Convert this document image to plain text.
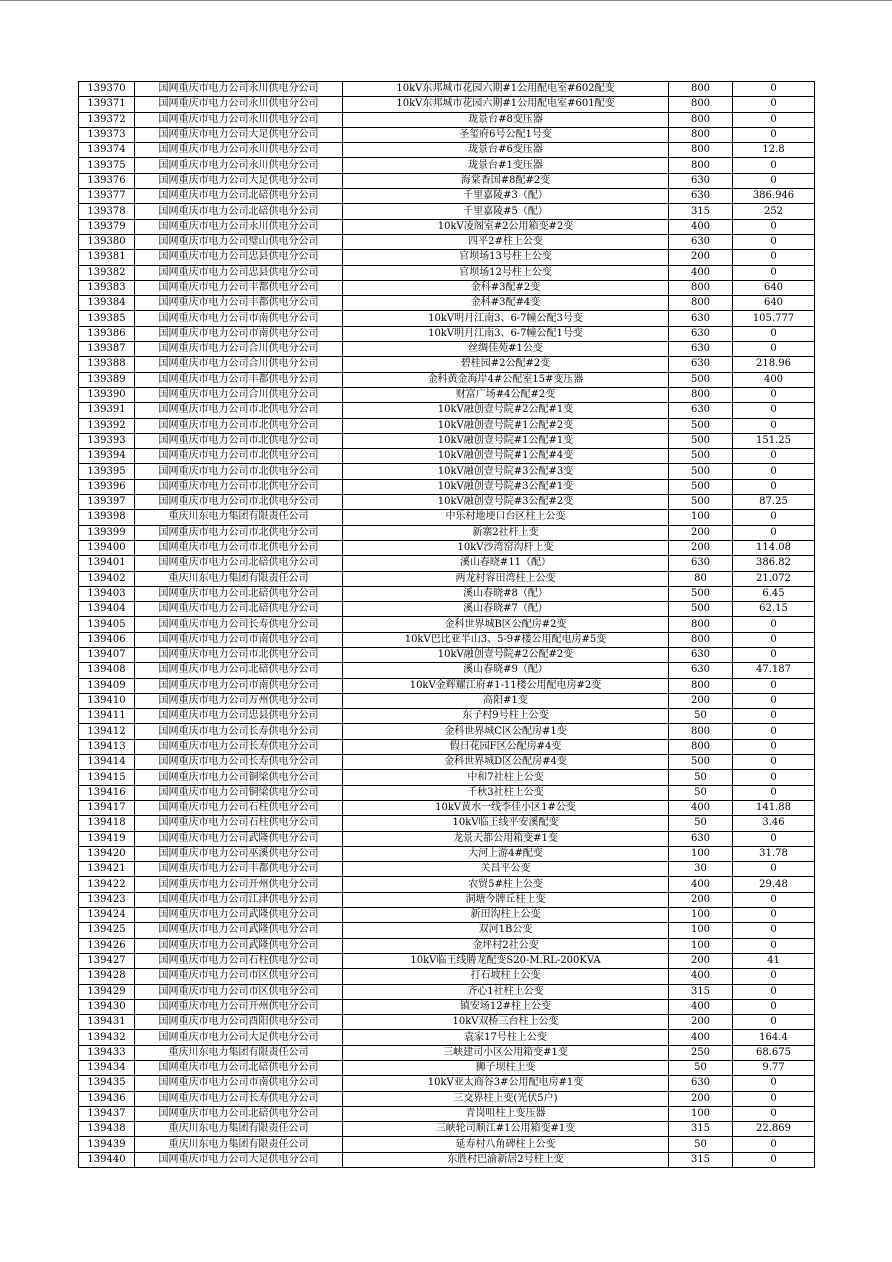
139370	国网重庆市电力公司永川供电分公司	10kV东邦城市花园六期#1公用配电室#602配变	800	0
139371	国网重庆市电力公司永川供电分公司	10kV东邦城市花园六期#1公用配电室#601配变	800	0
139372	国网重庆市电力公司永川供电分公司	珑景台#8变压器	800	0
139373	国网重庆市电力公司大足供电分公司	圣玺府6号公配1号变	800	0
139374	国网重庆市电力公司永川供电分公司	珑景台#6变压器	800	12.8
139375	国网重庆市电力公司永川供电分公司	珑景台#1变压器	800	0
139376	国网重庆市电力公司大足供电分公司	海棠香国#8配#2变	630	0
139377	国网重庆市电力公司北碚供电分公司	千里嘉陵#3（配）	630	386.946
139378	国网重庆市电力公司北碚供电分公司	千里嘉陵#5（配）	315	252
139379	国网重庆市电力公司永川供电分公司	10kV凌阁室#2公用箱变#2变	400	0
139380	国网重庆市电力公司璧山供电分公司	四平2#柱上公变	630	0
139381	国网重庆市电力公司忠县供电分公司	官坝场13号柱上公变	200	0
139382	国网重庆市电力公司忠县供电分公司	官坝场12号柱上公变	400	0
139383	国网重庆市电力公司丰都供电分公司	金科#3配#2变	800	640
139384	国网重庆市电力公司丰都供电分公司	金科#3配#4变	800	640
139385	国网重庆市电力公司市南供电分公司	10kV明月江南3、6-7幢公配3号变	630	105.777
139386	国网重庆市电力公司市南供电分公司	10kV明月江南3、6-7幢公配1号变	630	0
139387	国网重庆市电力公司合川供电分公司	丝绸佳苑#1公变	630	0
139388	国网重庆市电力公司合川供电分公司	碧桂园#2公配#2变	630	218.96
139389	国网重庆市电力公司丰都供电分公司	金科黄金海岸4#公配室15#变压器	500	400
139390	国网重庆市电力公司合川供电分公司	财富广场#4公配#2变	800	0
139391	国网重庆市电力公司市北供电分公司	10kV融创壹号院#2公配#1变	630	0
139392	国网重庆市电力公司市北供电分公司	10kV融创壹号院#1公配#2变	500	0
139393	国网重庆市电力公司市北供电分公司	10kV融创壹号院#1公配#1变	500	151.25
139394	国网重庆市电力公司市北供电分公司	10kV融创壹号院#1公配#4变	500	0
139395	国网重庆市电力公司市北供电分公司	10kV融创壹号院#3公配#3变	500	0
139396	国网重庆市电力公司市北供电分公司	10kV融创壹号院#3公配#1变	500	0
139397	国网重庆市电力公司市北供电分公司	10kV融创壹号院#3公配#2变	500	87.25
139398	重庆川东电力集团有限责任公司	中乐村地埂口台区柱上公变	100	0
139399	国网重庆市电力公司市北供电分公司	新寨2社杆上变	200	0
139400	国网重庆市电力公司市北供电分公司	10kV沙湾窑沟杆上变	200	114.08
139401	国网重庆市电力公司北碚供电分公司	溪山春晓#11（配）	630	386.82
139402	重庆川东电力集团有限责任公司	两龙村容田湾柱上公变	80	21.072
139403	国网重庆市电力公司北碚供电分公司	溪山春晓#8（配）	500	6.45
139404	国网重庆市电力公司北碚供电分公司	溪山春晓#7（配）	500	62.15
139405	国网重庆市电力公司长寿供电分公司	金科世界城B区公配房#2变	800	0
139406	国网重庆市电力公司市南供电分公司	10kV巴比亚半山3、5-9#楼公用配电房#5变	800	0
139407	国网重庆市电力公司市北供电分公司	10kV融创壹号院#2公配#2变	630	0
139408	国网重庆市电力公司北碚供电分公司	溪山春晓#9（配）	630	47.187
139409	国网重庆市电力公司市南供电分公司	10kV金辉耀江府#1-11楼公用配电房#2变	800	0
139410	国网重庆市电力公司万州供电分公司	高阳#1变	200	0
139411	国网重庆市电力公司忠县供电分公司	东子村9号柱上公变	50	0
139412	国网重庆市电力公司长寿供电分公司	金科世界城C区公配房#1变	800	0
139413	国网重庆市电力公司长寿供电分公司	假日花园F区公配房#4变	800	0
139414	国网重庆市电力公司长寿供电分公司	金科世界城D区公配房#4变	500	0
139415	国网重庆市电力公司铜梁供电分公司	中和7社柱上公变	50	0
139416	国网重庆市电力公司铜梁供电分公司	千秋3社柱上公变	50	0
139417	国网重庆市电力公司石柱供电分公司	10kV黄水一线李佳小区1#公变	400	141.88
139418	国网重庆市电力公司石柱供电分公司	10kV临王线平安溪配变	50	3.46
139419	国网重庆市电力公司武隆供电分公司	龙景天都公用箱变#1变	630	0
139420	国网重庆市电力公司巫溪供电分公司	大河上游4#配变	100	31.78
139421	国网重庆市电力公司丰都供电分公司	关昌平公变	30	0
139422	国网重庆市电力公司开州供电分公司	农贸5#柱上公变	400	29.48
139423	国网重庆市电力公司江津供电分公司	洞塘今牌丘柱上变	200	0
139424	国网重庆市电力公司武隆供电分公司	新田沟柱上公变	100	0
139425	国网重庆市电力公司武隆供电分公司	双河1B公变	100	0
139426	国网重庆市电力公司武隆供电分公司	金坪村2社公变	100	0
139427	国网重庆市电力公司石柱供电分公司	10kV临王线腾龙配变S20-M.RL-200KVA	200	41
139428	国网重庆市电力公司市区供电分公司	打石坡柱上公变	400	0
139429	国网重庆市电力公司市区供电分公司	齐心1社柱上公变	315	0
139430	国网重庆市电力公司开州供电分公司	镇安场12#柱上公变	400	0
139431	国网重庆市电力公司酉阳供电分公司	10kV双桥三台柱上公变	200	0
139432	国网重庆市电力公司大足供电分公司	袁家17号柱上公变	400	164.4
139433	重庆川东电力集团有限责任公司	三峡建司小区公用箱变#1变	250	68.675
139434	国网重庆市电力公司北碚供电分公司	狮子坝柱上变	50	9.77
139435	国网重庆市电力公司市南供电分公司	10kV亚太商谷3#公用配电房#1变	630	0
139436	国网重庆市电力公司长寿供电分公司	三交界柱上变(光伏5户)	200	0
139437	国网重庆市电力公司北碚供电分公司	青岗咀柱上变压器	100	0
139438	重庆川东电力集团有限责任公司	三峡轮司顺江#1公用箱变#1变	315	22.869
139439	重庆川东电力集团有限责任公司	延寿村八角碑柱上公变	50	0
139440	国网重庆市电力公司大足供电分公司	东胜村巴渝新居2号柱上变	315	0
